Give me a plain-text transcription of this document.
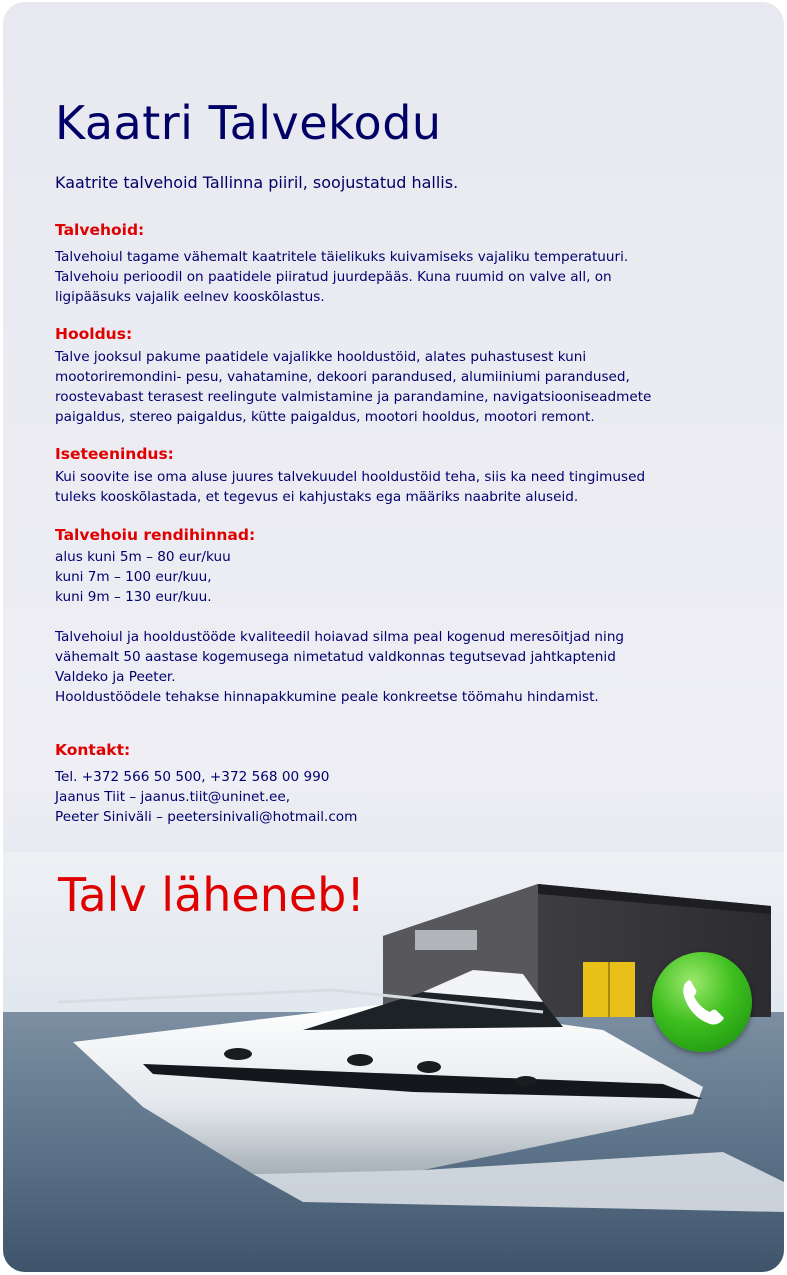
Kaatri Talvekodu

Kaatrite talvehoid Tallinna piiril, soojustatud hallis.

Talvehoid:
Talvehoiul tagame vähemalt kaatritele täielikuks kuivamiseks vajaliku temperatuuri.
Talvehoiu perioodil on paatidele piiratud juurdepääs. Kuna ruumid on valve all, on
ligipääsuks vajalik eelnev kooskõlastus.
Hooldus:
Talve jooksul pakume paatidele vajalikke hooldustöid, alates puhastusest kuni
mootoriremondini- pesu, vahatamine, dekoori parandused, alumiiniumi parandused,
roostevabast terasest reelingute valmistamine ja parandamine, navigatsiooniseadmete
paigaldus, stereo paigaldus, kütte paigaldus, mootori hooldus, mootori remont.
Iseteenindus:
Kui soovite ise oma aluse juures talvekuudel hooldustöid teha, siis ka need tingimused
tuleks kooskõlastada, et tegevus ei kahjustaks ega määriks naabrite aluseid.
Talvehoiu rendihinnad:
alus kuni 5m – 80 eur/kuu
kuni 7m – 100 eur/kuu,
kuni 9m – 130 eur/kuu.
Talvehoiul ja hooldustööde kvaliteedil hoiavad silma peal kogenud meresõitjad ning
vähemalt 50 aastase kogemusega nimetatud valdkonnas tegutsevad jahtkaptenid
Valdeko ja Peeter.
Hooldustöödele tehakse hinnapakkumine peale konkreetse töömahu hindamist.
Kontakt:
Tel. +372 566 50 500, +372 568 00 990
Jaanus Tiit – jaanus.tiit@uninet.ee,
Peeter Siniväli – peetersinivali@hotmail.com

Talv läheneb!
